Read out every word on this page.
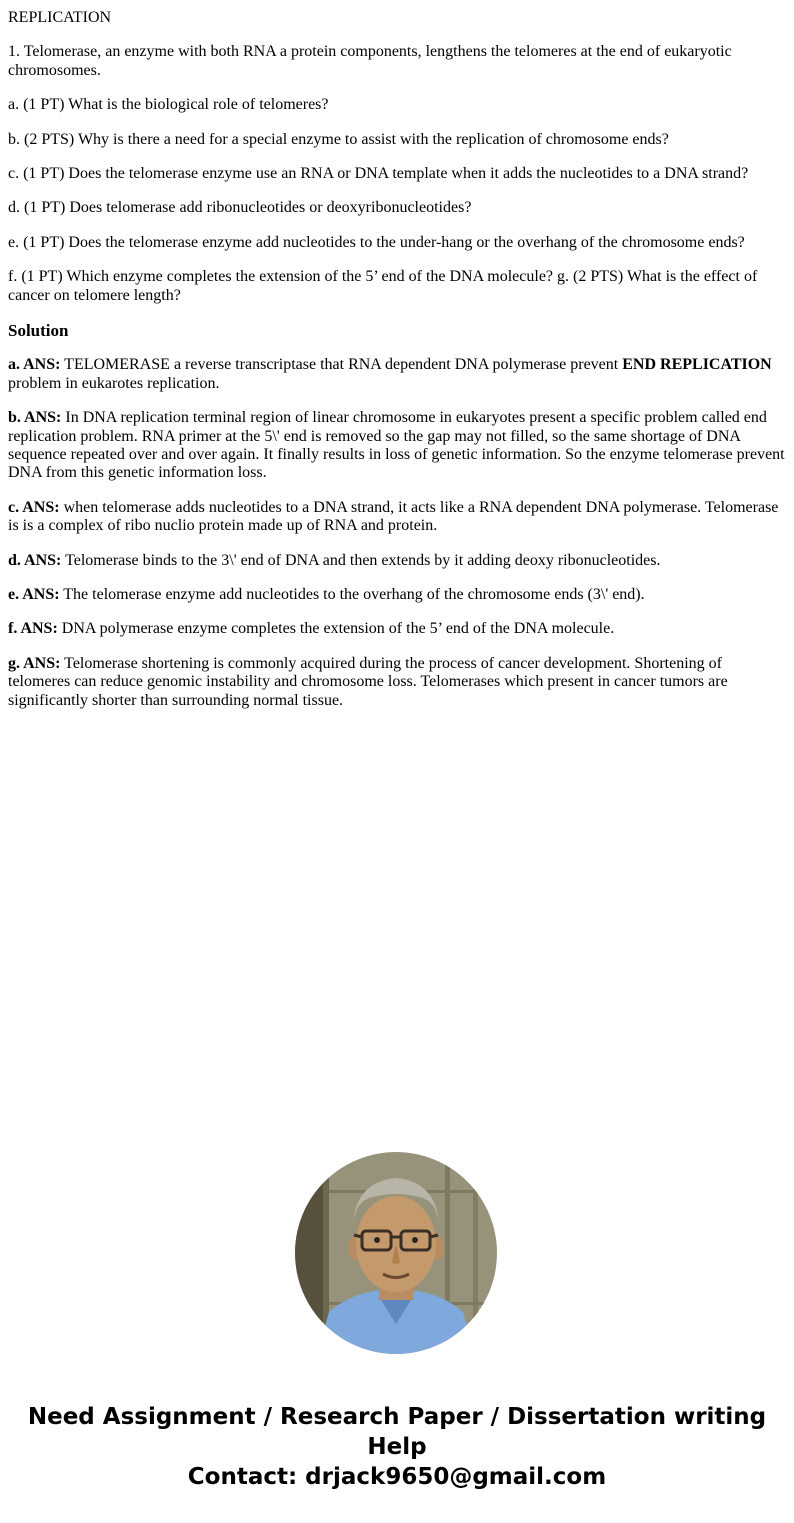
REPLICATION

1. Telomerase, an enzyme with both RNA a protein components, lengthens the telomeres at the end of eukaryotic chromosomes.

a. (1 PT) What is the biological role of telomeres?

b. (2 PTS) Why is there a need for a special enzyme to assist with the replication of chromosome ends?

c. (1 PT) Does the telomerase enzyme use an RNA or DNA template when it adds the nucleotides to a DNA strand?

d. (1 PT) Does telomerase add ribonucleotides or deoxyribonucleotides?

e. (1 PT) Does the telomerase enzyme add nucleotides to the under-hang or the overhang of the chromosome ends?

f. (1 PT) Which enzyme completes the extension of the 5’ end of the DNA molecule? g. (2 PTS) What is the effect of cancer on telomere length?

Solution

a. ANS: TELOMERASE a reverse transcriptase that RNA dependent DNA polymerase prevent END REPLICATION problem in eukarotes replication.

b. ANS: In DNA replication terminal region of linear chromosome in eukaryotes present a specific problem called end replication problem. RNA primer at the 5\' end is removed so the gap may not filled, so the same shortage of DNA sequence repeated over and over again. It finally results in loss of genetic information. So the enzyme telomerase prevent DNA from this genetic information loss.

c. ANS: when telomerase adds nucleotides to a DNA strand, it acts like a RNA dependent DNA polymerase. Telomerase is is a complex of ribo nuclio protein made up of RNA and protein.

d. ANS: Telomerase binds to the 3\' end of DNA and then extends by it adding deoxy ribonucleotides.

e. ANS: The telomerase enzyme add nucleotides to the overhang of the chromosome ends (3\' end).

f. ANS: DNA polymerase enzyme completes the extension of the 5’ end of the DNA molecule.

g. ANS: Telomerase shortening is commonly acquired during the process of cancer development. Shortening of telomeres can reduce genomic instability and chromosome loss. Telomerases which present in cancer tumors are significantly shorter than surrounding normal tissue.

Need Assignment / Research Paper / Dissertation writing Help
Contact: drjack9650@gmail.com
